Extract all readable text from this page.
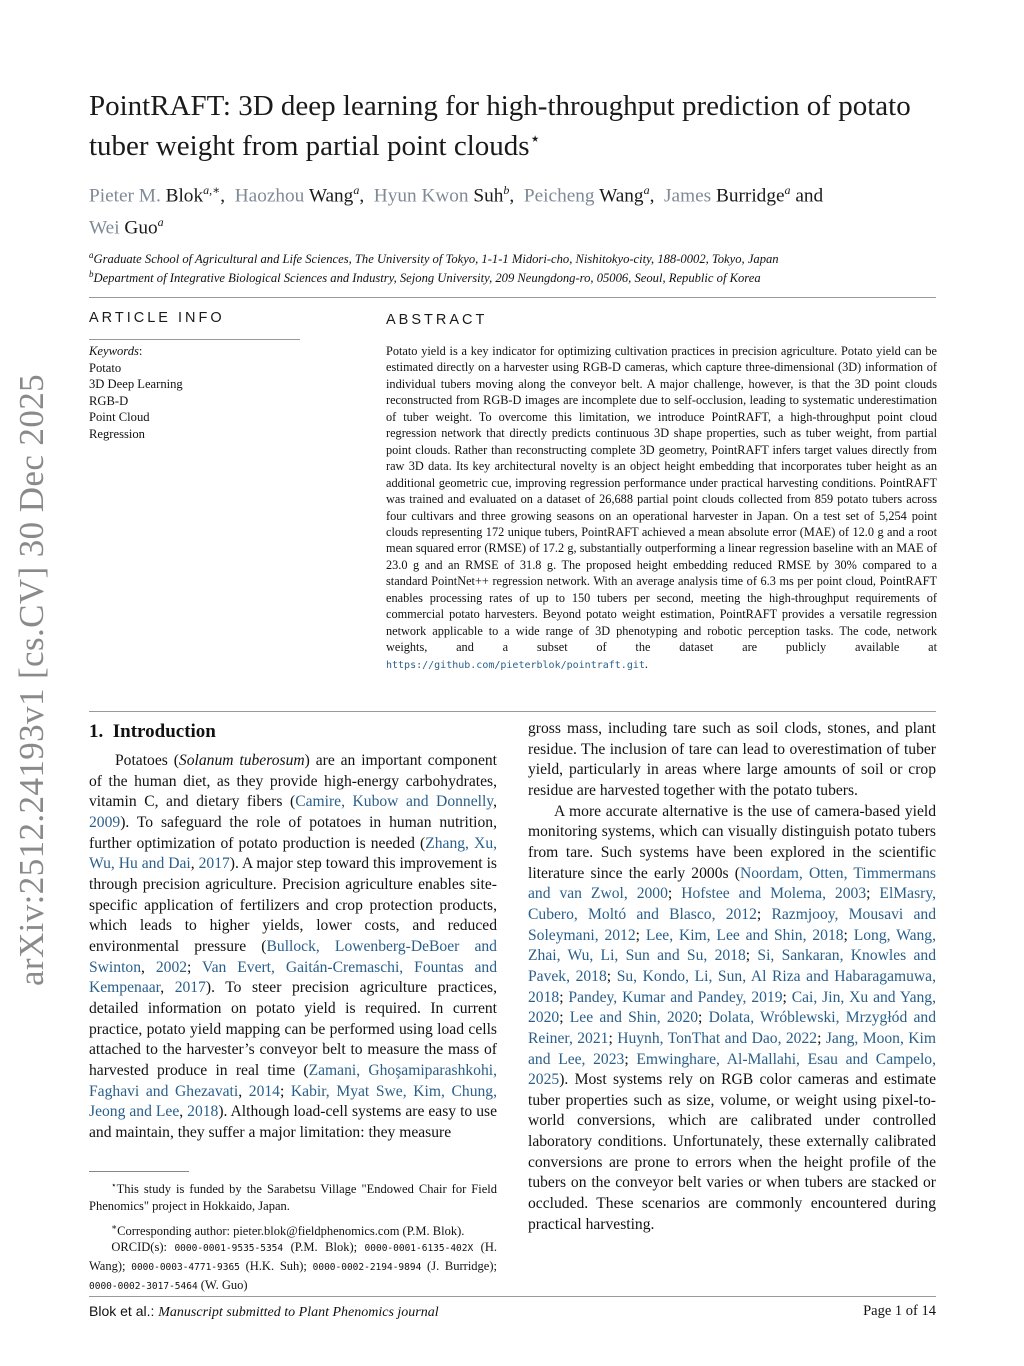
arXiv:2512.24193v1 [cs.CV] 30 Dec 2025
PointRAFT: 3D deep learning for high-throughput prediction of potato tuber weight from partial point clouds⋆
Pieter M. Blok$^{a,∗}$, Haozhou Wang$^a$, Hyun Kwon Suh$^b$, Peicheng Wang$^a$, James Burridge$^a$ and
Wei Guo$^a$
$^a$Graduate School of Agricultural and Life Sciences, The University of Tokyo, 1-1-1 Midori-cho, Nishitokyo-city, 188-0002, Tokyo, Japan
$^b$Department of Integrative Biological Sciences and Industry, Sejong University, 209 Neungdong-ro, 05006, Seoul, Republic of Korea
ARTICLE INFO	ABSTRACT
Keywords:
Potato
3D Deep Learning
RGB-D
Point Cloud
Regression

Potato yield is a key indicator for optimizing cultivation practices in precision agriculture. Potato yield can be estimated directly on a harvester using RGB-D cameras, which capture three-dimensional (3D) information of individual tubers moving along the conveyor belt. A major challenge, however, is that the 3D point clouds reconstructed from RGB-D images are incomplete due to self-occlusion, leading to systematic underestimation of tuber weight. To overcome this limitation, we introduce PointRAFT, a high-throughput point cloud regression network that directly predicts continuous 3D shape properties, such as tuber weight, from partial point clouds. Rather than reconstructing complete 3D geometry, PointRAFT infers target values directly from raw 3D data. Its key architectural novelty is an object height embedding that incorporates tuber height as an additional geometric cue, improving regression performance under practical harvesting conditions. PointRAFT was trained and evaluated on a dataset of 26,688 partial point clouds collected from 859 potato tubers across four cultivars and three growing seasons on an operational harvester in Japan. On a test set of 5,254 point clouds representing 172 unique tubers, PointRAFT achieved a mean absolute error (MAE) of 12.0 g and a root mean squared error (RMSE) of 17.2 g, substantially outperforming a linear regression baseline with an MAE of 23.0 g and an RMSE of 31.8 g. The proposed height embedding reduced RMSE by 30% compared to a standard PointNet++ regression network. With an average analysis time of 6.3 ms per point cloud, PointRAFT enables processing rates of up to 150 tubers per second, meeting the high-throughput requirements of commercial potato harvesters. Beyond potato weight estimation, PointRAFT provides a versatile regression network applicable to a wide range of 3D phenotyping and robotic perception tasks. The code, network weights, and a subset of the dataset are publicly available at https://github.com/pieterblok/pointraft.git.

1. Introduction

Potatoes (Solanum tuberosum) are an important component of the human diet, as they provide high-energy carbohydrates, vitamin C, and dietary fibers (Camire, Kubow and Donnelly, 2009). To safeguard the role of potatoes in human nutrition, further optimization of potato production is needed (Zhang, Xu, Wu, Hu and Dai, 2017). A major step toward this improvement is through precision agriculture. Precision agriculture enables site-specific application of fertilizers and crop protection products, which leads to higher yields, lower costs, and reduced environmental pressure (Bullock, Lowenberg-DeBoer and Swinton, 2002; Van Evert, Gaitán-Cremaschi, Fountas and Kempenaar, 2017). To steer precision agriculture practices, detailed information on potato yield is required. In current practice, potato yield mapping can be performed using load cells attached to the harvester’s conveyor belt to measure the mass of harvested produce in real time (Zamani, Ghoşamiparashkohi, Faghavi and Ghezavati, 2014; Kabir, Myat Swe, Kim, Chung, Jeong and Lee, 2018). Although load-cell systems are easy to use and maintain, they suffer a major limitation: they measure

⋆This study is funded by the Sarabetsu Village "Endowed Chair for Field Phenomics" project in Hokkaido, Japan.

∗Corresponding author: pieter.blok@fieldphenomics.com (P.M. Blok).
ORCID(s): 0000-0001-9535-5354 (P.M. Blok); 0000-0001-6135-402X (H. Wang); 0000-0003-4771-9365 (H.K. Suh); 0000-0002-2194-9894 (J. Burridge); 0000-0002-3017-5464 (W. Guo)

gross mass, including tare such as soil clods, stones, and plant residue. The inclusion of tare can lead to overestimation of tuber yield, particularly in areas where large amounts of soil or crop residue are harvested together with the potato tubers.

A more accurate alternative is the use of camera-based yield monitoring systems, which can visually distinguish potato tubers from tare. Such systems have been explored in the scientific literature since the early 2000s (Noordam, Otten, Timmermans and van Zwol, 2000; Hofstee and Molema, 2003; ElMasry, Cubero, Moltó and Blasco, 2012; Razmjooy, Mousavi and Soleymani, 2012; Lee, Kim, Lee and Shin, 2018; Long, Wang, Zhai, Wu, Li, Sun and Su, 2018; Si, Sankaran, Knowles and Pavek, 2018; Su, Kondo, Li, Sun, Al Riza and Habaragamuwa, 2018; Pandey, Kumar and Pandey, 2019; Cai, Jin, Xu and Yang, 2020; Lee and Shin, 2020; Dolata, Wróblewski, Mrzygłód and Reiner, 2021; Huynh, TonThat and Dao, 2022; Jang, Moon, Kim and Lee, 2023; Emwinghare, Al-Mallahi, Esau and Campelo, 2025). Most systems rely on RGB color cameras and estimate tuber properties such as size, volume, or weight using pixel-to-world conversions, which are calibrated under controlled laboratory conditions. Unfortunately, these externally calibrated conversions are prone to errors when the height profile of the tubers on the conveyor belt varies or when tubers are stacked or occluded. These scenarios are commonly encountered during practical harvesting.

Blok et al.: Manuscript submitted to Plant Phenomics journal	Page 1 of 14
